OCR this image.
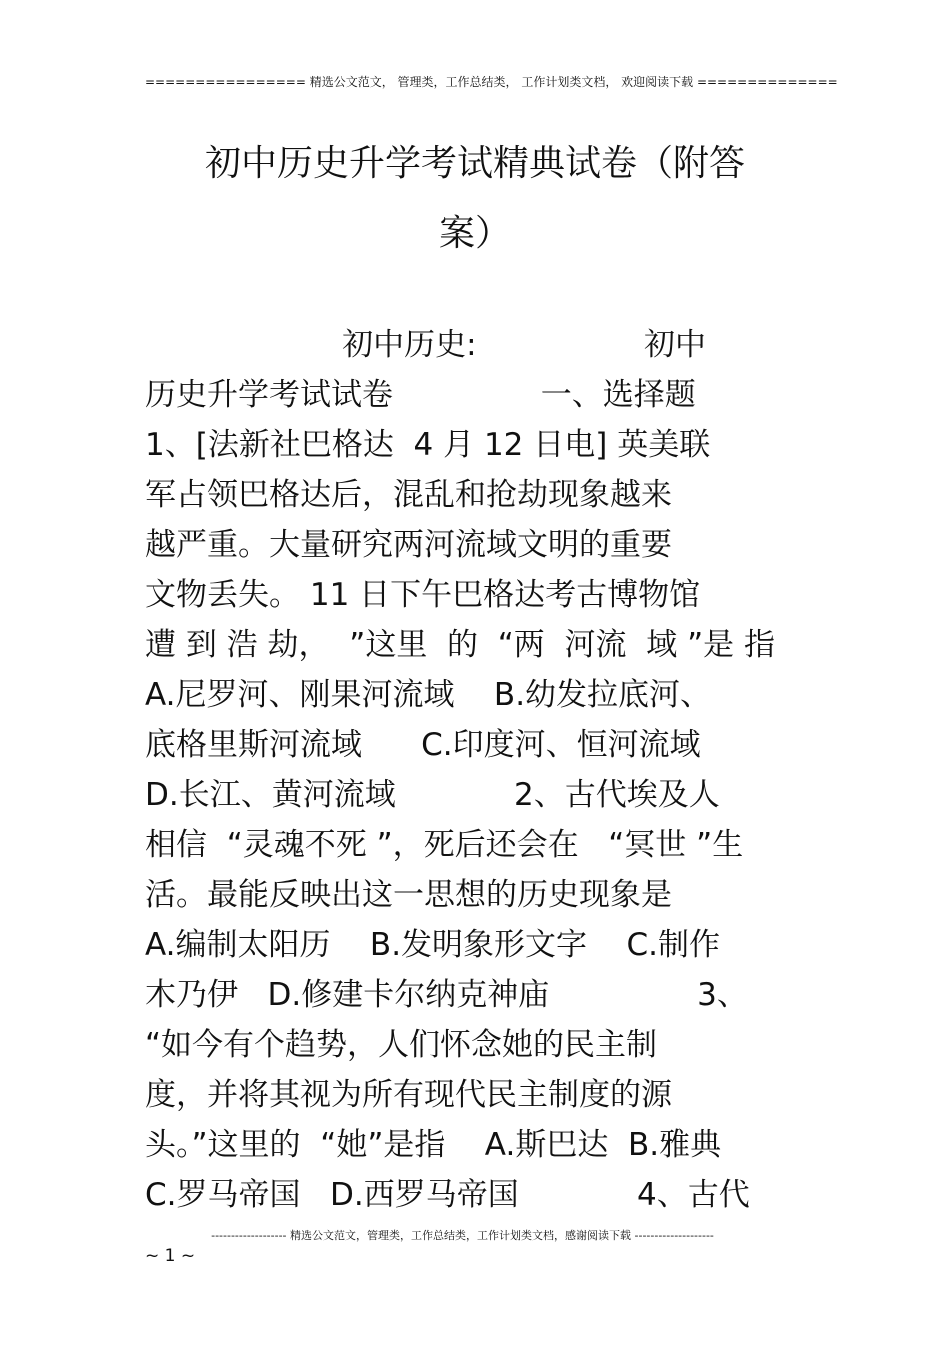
================ 精选公文范文， 管理类，工作总结类， 工作计划类文档， 欢迎阅读下载 ==============
初中历史升学考试精典试卷（附答
案）
初中历史:                 初中
历史升学考试试卷               一、选择题
1、[法新社巴格达  4 月 12 日电] 英美联
军占领巴格达后，混乱和抢劫现象越来
越严重。大量研究两河流域文明的重要
文物丢失。 11 日下午巴格达考古博物馆
遭 到 浩 劫，  ”这里  的  “两  河流  域 ”是 指
A.尼罗河、刚果河流域    B.幼发拉底河、
底格里斯河流域      C.印度河、恒河流域
D.长江、黄河流域            2、古代埃及人
相信  “灵魂不死 ”，死后还会在   “冥世 ”生
活。最能反映出这一思想的历史现象是
A.编制太阳历    B.发明象形文字    C.制作
木乃伊   D.修建卡尔纳克神庙               3、
“如今有个趋势，人们怀念她的民主制
度，并将其视为所有现代民主制度的源
头。”这里的  “她”是指    A.斯巴达  B.雅典
C.罗马帝国   D.西罗马帝国            4、古代
------------------- 精选公文范文，管理类，工作总结类，工作计划类文档，感谢阅读下载 --------------------
~ 1 ~
